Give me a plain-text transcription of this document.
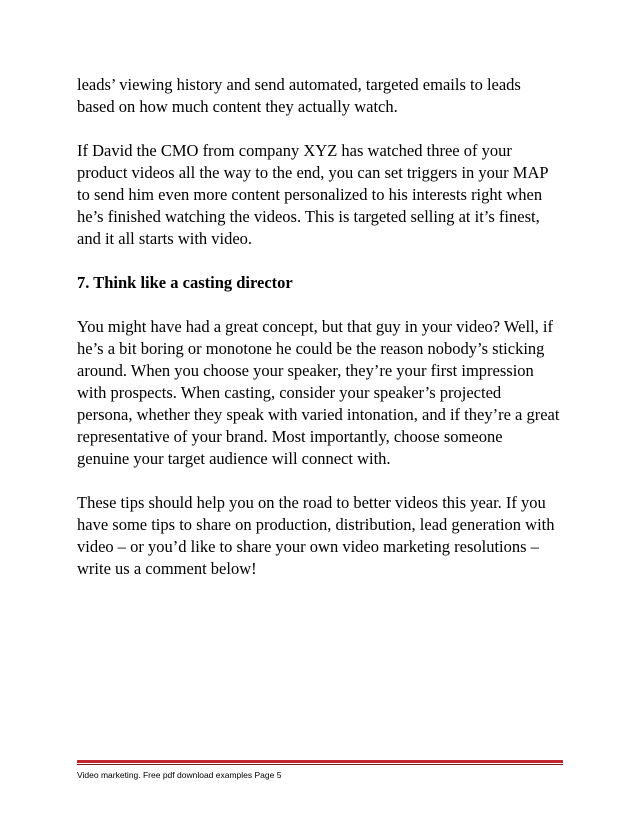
leads’ viewing history and send automated, targeted emails to leads
based on how much content they actually watch.

If David the CMO from company XYZ has watched three of your
product videos all the way to the end, you can set triggers in your MAP
to send him even more content personalized to his interests right when
he’s finished watching the videos. This is targeted selling at it’s finest,
and it all starts with video.

7. Think like a casting director

You might have had a great concept, but that guy in your video? Well, if
he’s a bit boring or monotone he could be the reason nobody’s sticking
around. When you choose your speaker, they’re your first impression
with prospects. When casting, consider your speaker’s projected
persona, whether they speak with varied intonation, and if they’re a great
representative of your brand. Most importantly, choose someone
genuine your target audience will connect with.

These tips should help you on the road to better videos this year. If you
have some tips to share on production, distribution, lead generation with
video – or you’d like to share your own video marketing resolutions –
write us a comment below!

Video marketing. Free pdf download examples Page 5
